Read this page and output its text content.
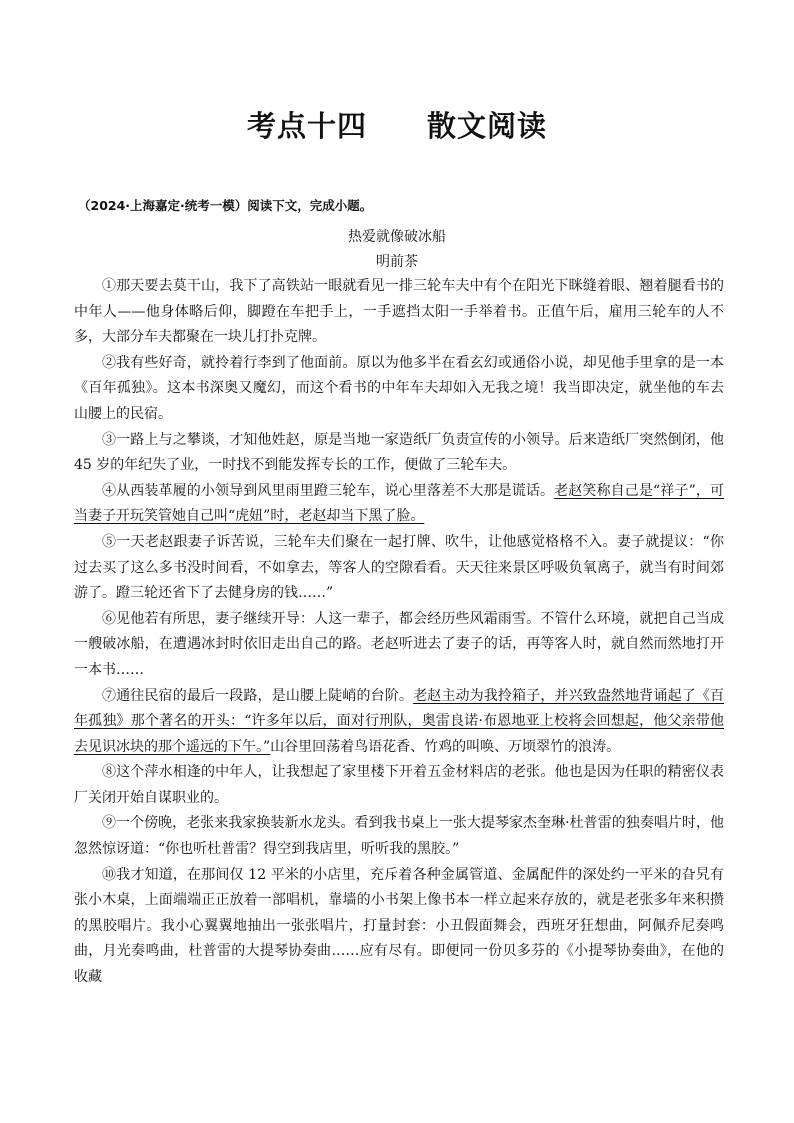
考点十四　　散文阅读

（2024·上海嘉定·统考一模）阅读下文，完成小题。

热爱就像破冰船

明前茶

①那天要去莫干山，我下了高铁站一眼就看见一排三轮车夫中有个在阳光下眯缝着眼、翘着腿看书的中年人——他身体略后仰，脚蹬在车把手上，一手遮挡太阳一手举着书。正值午后，雇用三轮车的人不多，大部分车夫都聚在一块儿打扑克牌。

②我有些好奇，就拎着行李到了他面前。原以为他多半在看玄幻或通俗小说，却见他手里拿的是一本《百年孤独》。这本书深奥又魔幻，而这个看书的中年车夫却如入无我之境！我当即决定，就坐他的车去山腰上的民宿。

③一路上与之攀谈，才知他姓赵，原是当地一家造纸厂负责宣传的小领导。后来造纸厂突然倒闭，他 45 岁的年纪失了业，一时找不到能发挥专长的工作，便做了三轮车夫。

④从西装革履的小领导到风里雨里蹬三轮车，说心里落差不大那是谎话。老赵笑称自己是“祥子”，可当妻子开玩笑管她自己叫“虎妞”时，老赵却当下黑了脸。

⑤一天老赵跟妻子诉苦说，三轮车夫们聚在一起打牌、吹牛，让他感觉格格不入。妻子就提议：“你过去买了这么多书没时间看，不如拿去，等客人的空隙看看。天天往来景区呼吸负氧离子，就当有时间郊游了。蹬三轮还省下了去健身房的钱……”

⑥见他若有所思，妻子继续开导：人这一辈子，都会经历些风霜雨雪。不管什么环境，就把自己当成一艘破冰船，在遭遇冰封时依旧走出自己的路。老赵听进去了妻子的话，再等客人时，就自然而然地打开一本书……

⑦通往民宿的最后一段路，是山腰上陡峭的台阶。老赵主动为我拎箱子，并兴致盎然地背诵起了《百年孤独》那个著名的开头：“许多年以后，面对行刑队，奥雷良诺·布恩地亚上校将会回想起，他父亲带他去见识冰块的那个遥远的下午。”山谷里回荡着鸟语花香、竹鸡的叫唤、万顷翠竹的浪涛。

⑧这个萍水相逢的中年人，让我想起了家里楼下开着五金材料店的老张。他也是因为任职的精密仪表厂关闭开始自谋职业的。

⑨一个傍晚，老张来我家换装新水龙头。看到我书桌上一张大提琴家杰奎琳·杜普雷的独奏唱片时，他忽然惊讶道：“你也听杜普雷？得空到我店里，听听我的黑胶。”

⑩我才知道，在那间仅 12 平米的小店里，充斥着各种金属管道、金属配件的深处约一平米的旮旯有张小木桌，上面端端正正放着一部唱机，靠墙的小书架上像书本一样立起来存放的，就是老张多年来积攒的黑胶唱片。我小心翼翼地抽出一张张唱片，打量封套：小丑假面舞会，西班牙狂想曲，阿佩乔尼奏鸣曲，月光奏鸣曲，杜普雷的大提琴协奏曲……应有尽有。即便同一份贝多芬的《小提琴协奏曲》，在他的收藏
